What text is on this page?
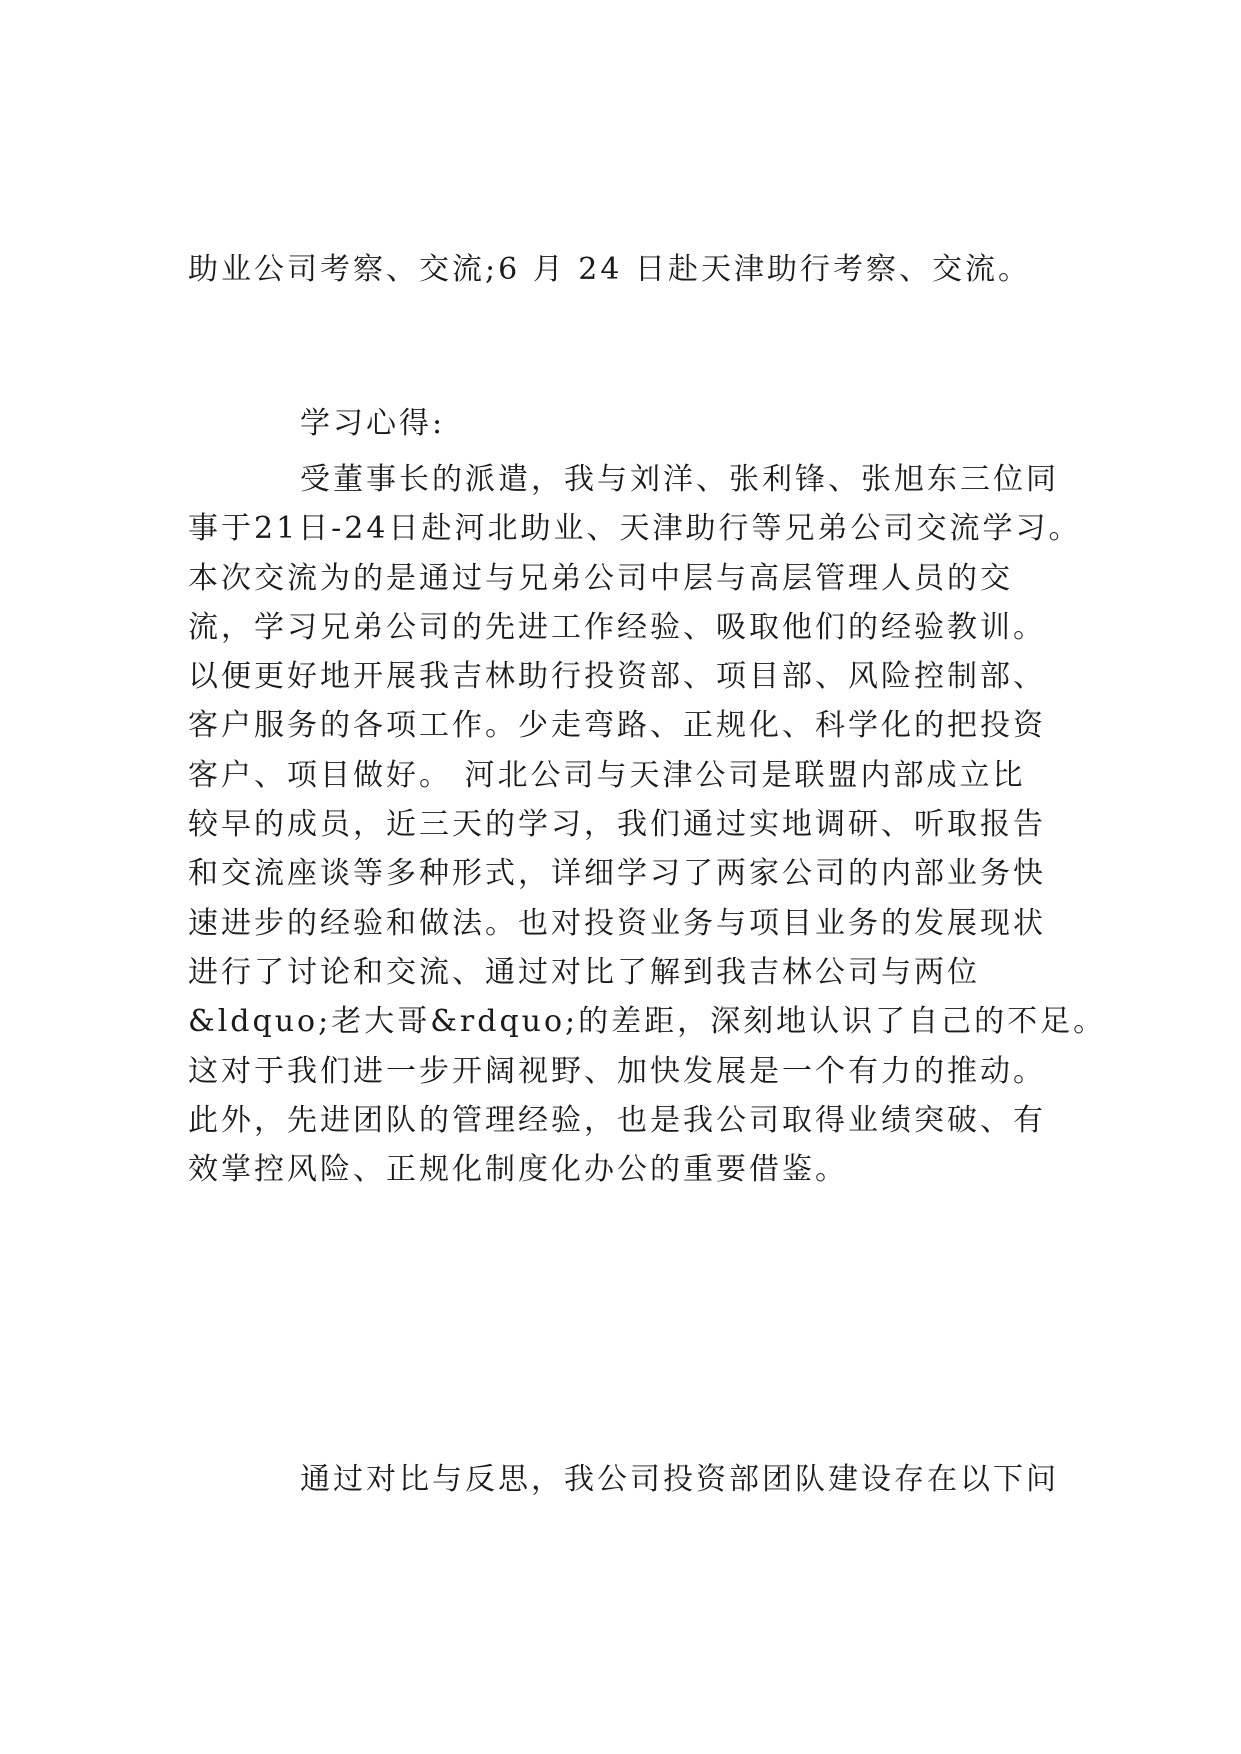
助业公司考察、交流;6 月 24 日赴天津助行考察、交流。

学习心得:

受董事长的派遣，我与刘洋、张利锋、张旭东三位同
事于21日-24日赴河北助业、天津助行等兄弟公司交流学习。
本次交流为的是通过与兄弟公司中层与高层管理人员的交
流，学习兄弟公司的先进工作经验、吸取他们的经验教训。
以便更好地开展我吉林助行投资部、项目部、风险控制部、
客户服务的各项工作。少走弯路、正规化、科学化的把投资
客户、项目做好。 河北公司与天津公司是联盟内部成立比
较早的成员，近三天的学习，我们通过实地调研、听取报告
和交流座谈等多种形式，详细学习了两家公司的内部业务快
速进步的经验和做法。也对投资业务与项目业务的发展现状
进行了讨论和交流、通过对比了解到我吉林公司与两位
&ldquo;老大哥&rdquo;的差距，深刻地认识了自己的不足。
这对于我们进一步开阔视野、加快发展是一个有力的推动。
此外，先进团队的管理经验，也是我公司取得业绩突破、有
效掌控风险、正规化制度化办公的重要借鉴。

通过对比与反思，我公司投资部团队建设存在以下问
